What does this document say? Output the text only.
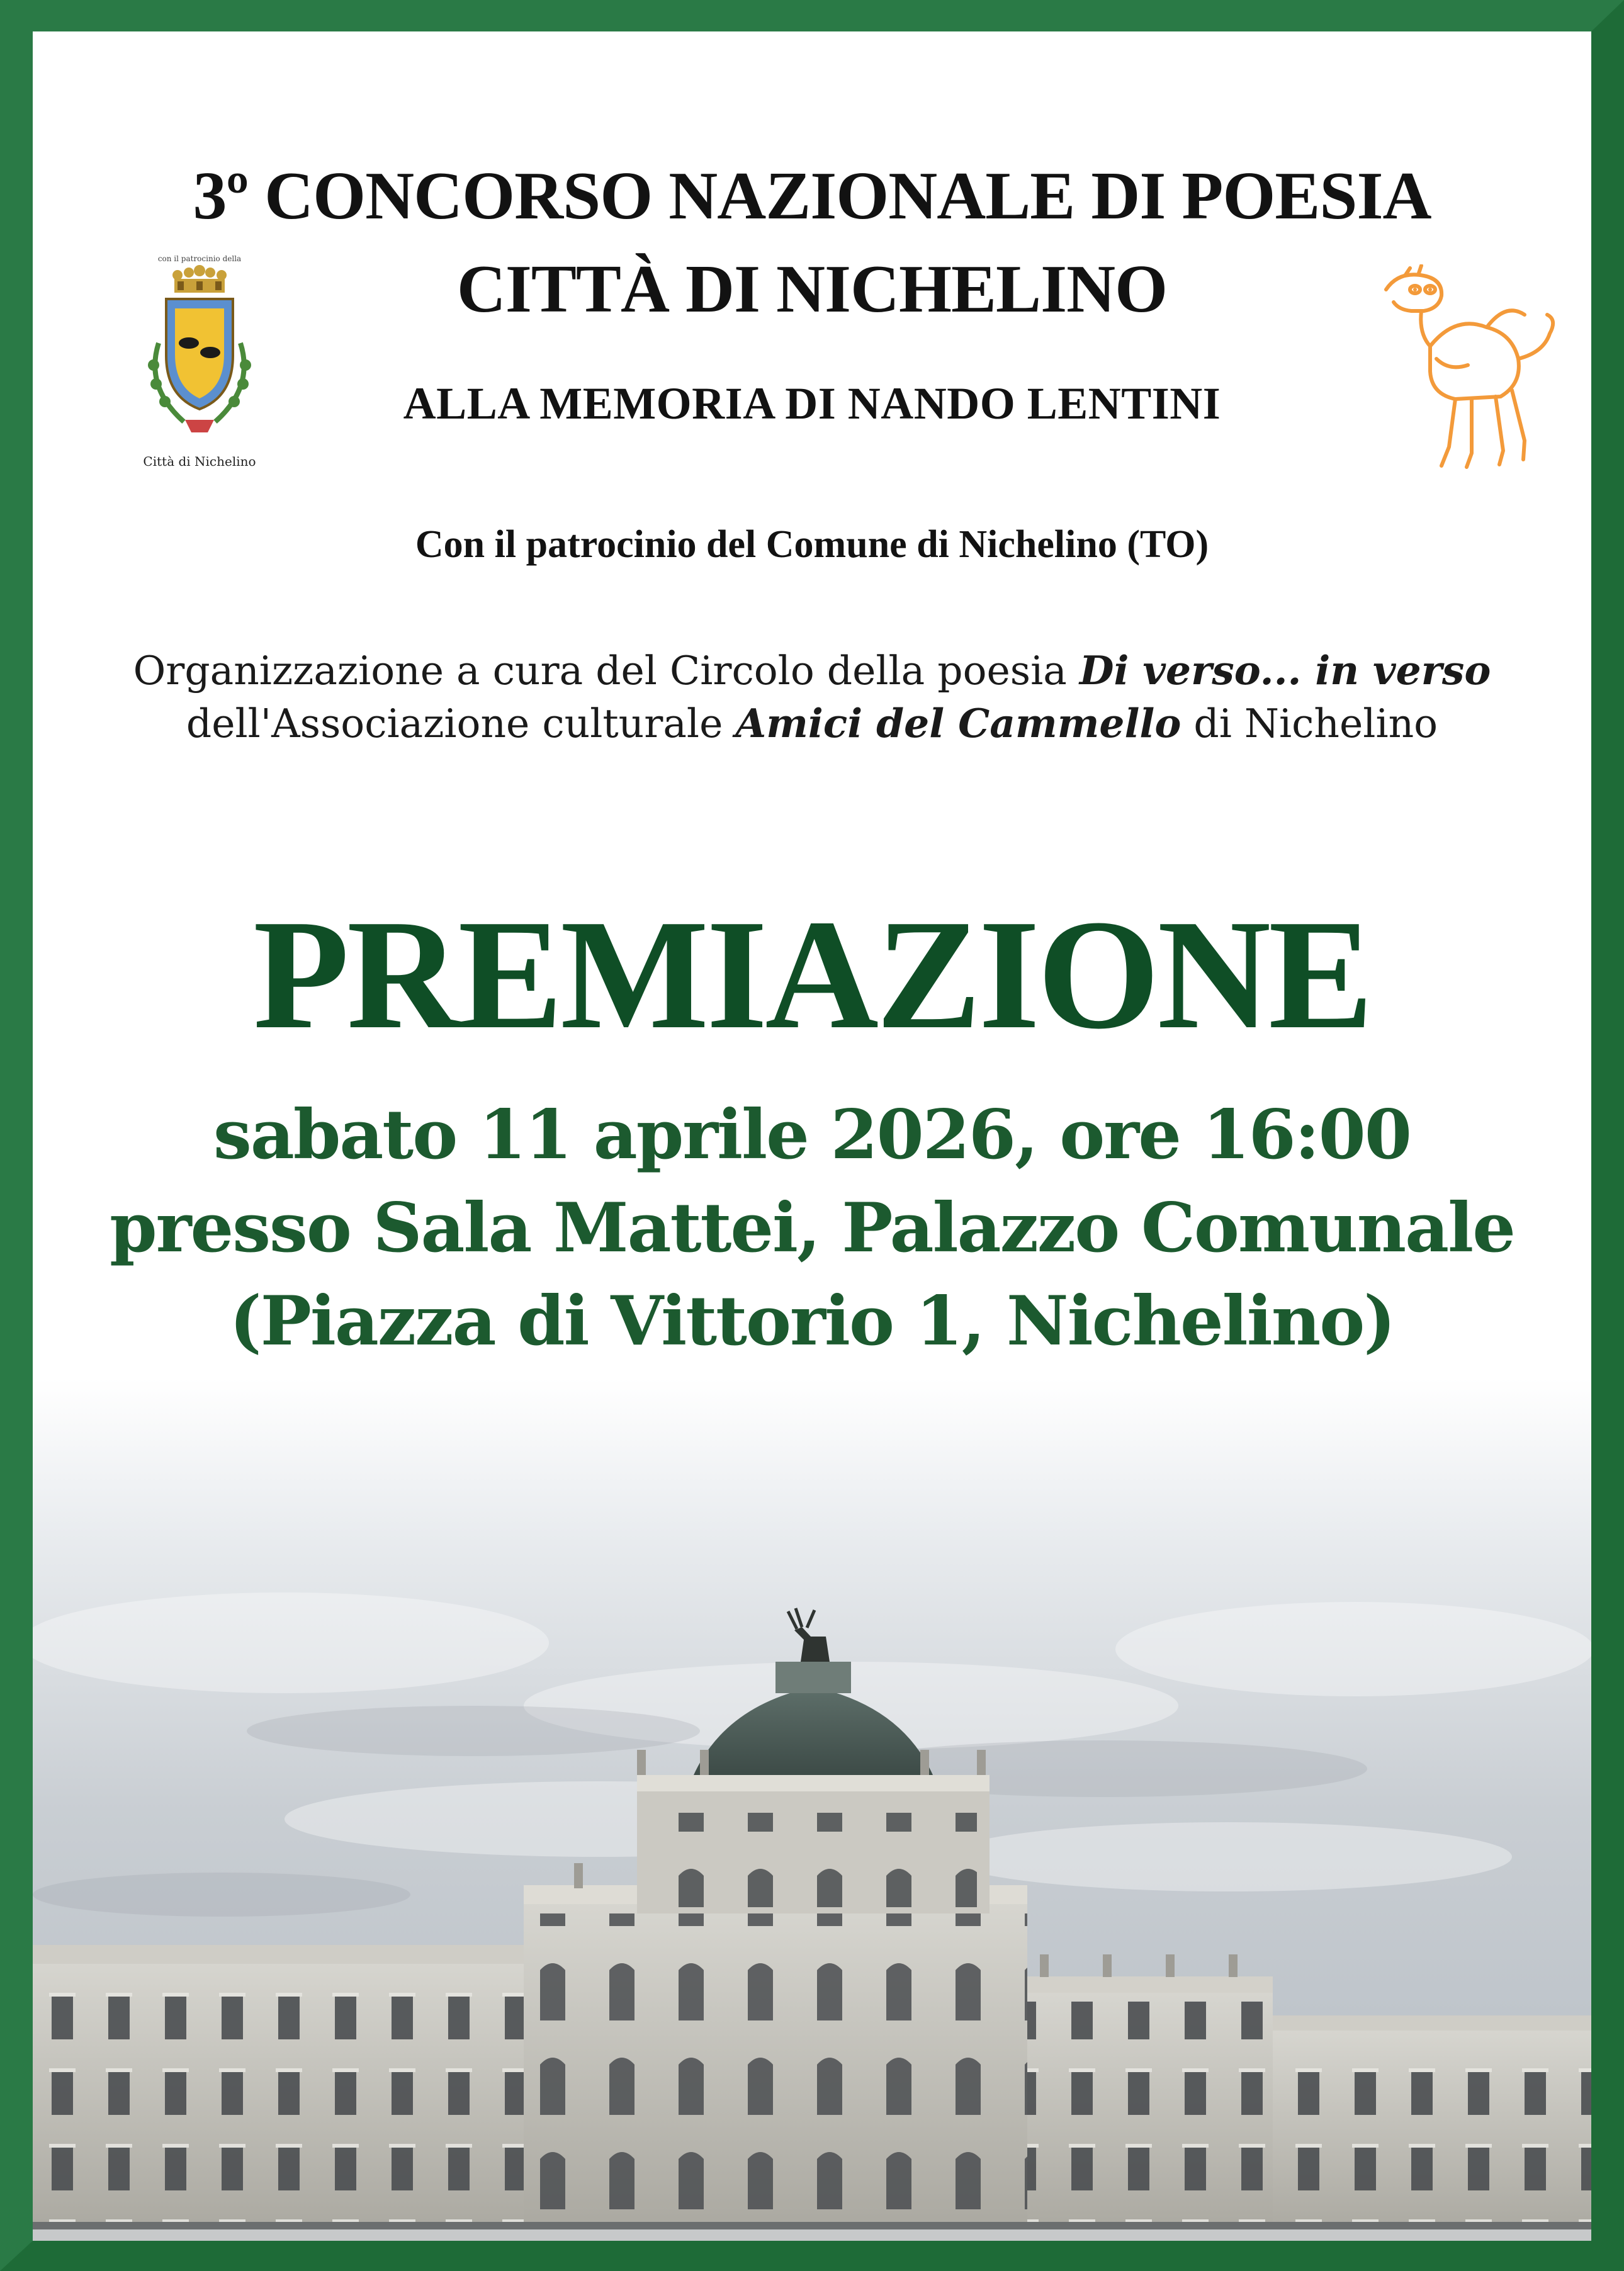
con il patrocinio della
Città di Nichelino
3º CONCORSO NAZIONALE DI POESIA
CITTÀ DI NICHELINO
ALLA MEMORIA DI NANDO LENTINI
Con il patrocinio del Comune di Nichelino (TO)

Organizzazione a cura del Circolo della poesia Di verso... in verso

dell'Associazione culturale Amici del Cammello di Nichelino

PREMIAZIONE

sabato 11 aprile 2026, ore 16:00

presso Sala Mattei, Palazzo Comunale

(Piazza di Vittorio 1, Nichelino)
